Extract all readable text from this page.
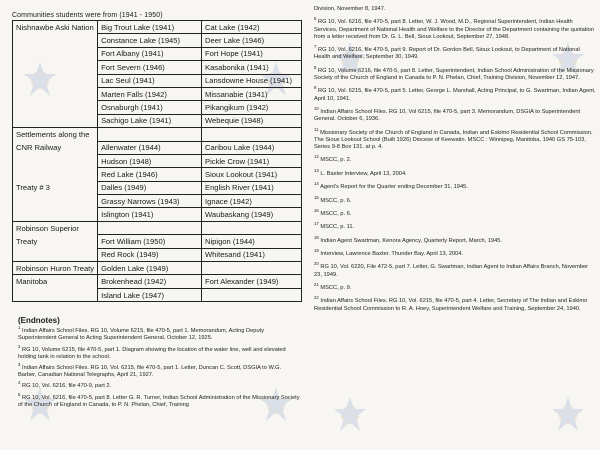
Communities students were from (1941 - 1950)
Nishnawbe Aski Nation	Big Trout Lake (1941)	Cat Lake (1942)
	Constance Lake (1945)	Deer Lake (1946)
	Fort Albany (1941)	Fort Hope (1941)
	Fort Severn (1946)	Kasabonika (1941)
	Lac Seul (1941)	Lansdowne House (1941)
	Marten Falls (1942)	Missanabie (1941)
	Osnaburgh (1941)	Pikangikum (1942)
	Sachigo Lake (1941)	Webequie (1948)
Settlements along the		
CNR Railway	Allenwater (1944)	Caribou Lake (1944)
	Hudson (1948)	Pickle Crow (1941)
	Red Lake (1946)	Sioux Lookout (1941)
Treaty # 3	Dalles (1949)	English River (1941)
	Grassy Narrows (1943)	Ignace (1942)
	Islington (1941)	Waubaskang (1949)
Robinson Superior		
Treaty	Fort William (1950)	Nipigon (1944)
	Red Rock (1949)	Whitesand (1941)
Robinson Huron Treaty	Golden Lake (1949)	
Manitoba	Brokenhead (1942)	Fort Alexander (1949)
	Island Lake (1947)	
(Endnotes)
$^1$ Indian Affairs School Files. RG 10, Volume 6215, file 470-5, part 1. Memorandum, Acting Deputy Superintendent General to Acting Superintendent General, October 12, 1925.
$^2$ RG 10, Volume 6215, file 470-5, part 1. Diagram showing the location of the water line, well and elevated holding tank in relation to the school.
$^3$ Indian Affairs School Files. RG 10, Vol. 6215, file 470-5, part 1. Letter, Duncan C. Scott, DSGIA to W.G. Barber, Canadian National Telegraphs, April 21, 1927.
$^4$ RG 10, Vol. 6216, file 470-9, part 2.
$^5$ RG 10, Vol. 6216, file 470-5, part 8. Letter G. R. Turner, Indian School Administration of the Missionary Society of the Church of England in Canada, to P. N. Phelan, Chief, Training
Division, November 8, 1947.
$^6$ RG 10, Vol. 6216, file 470-5, part 8. Letter, W. J. Wood, M.D., Regional Superintendent, Indian Health Services, Department of National Health and Welfare to the Director of the Department containing the quotation from a letter received from Dr. G. L. Bell, Sioux Lookout, September 27, 1948.
$^7$ RG 10, Vol. 6216, file 470-5, part 9. Report of Dr. Gordon Bell, Sioux Lookout, to Department of National Health and Welfare, September 30, 1949.
$^8$ RG 10, Volume 6216, file 470-5, part 8. Letter, Superintendent, Indian School Administration of the Missionary Society of the Church of England in Canada to P. N. Phelan, Chief, Training Division, November 12, 1947.
$^9$ RG 10, Vol. 6215, file 470-5, part 5. Letter, George L. Marshall, Acting Principal, to G. Swartman, Indian Agent, April 10, 1941.
$^{10}$ Indian Affairs School Files. RG 10, Vol 6215, file 470-5, part 3. Memorandum, DSGIA to Superintendent General. October 6, 1936.
$^{11}$ Missionary Society of the Church of England in Canada, Indian and Eskimo Residential School Commission. The Sioux Lookout School (Built 1926) Diocese of Keewatin. MSCC : Winnipeg, Manitoba, 1940 GS 75-103, Series 9-8 Box 131. at p. 4.
$^{12}$ MSCC, p. 2.
$^{13}$ L. Baxter Interview, April 13, 2004.
$^{14}$ Agent's Report for the Quarter ending December 31, 1945.
$^{15}$ MSCC, p. 6.
$^{16}$ MSCC, p. 6.
$^{17}$ MSCC, p. 11.
$^{18}$ Indian Agent Swartman, Kenora Agency, Quarterly Report, March, 1945.
$^{19}$ Interview, Lawrence Baxter. Thunder Bay. April 13, 2004.
$^{20}$ RG 10, Vol. 6220, File 472-5, part 7. Letter, G. Swartman, Indian Agent to Indian Affairs Branch, November 23, 1949.
$^{21}$ MSCC, p. 9.
$^{22}$ Indian Affairs School Files. RG 10, Vol. 6215, file 470-5, part 4. Letter, Secretary of The Indian and Eskimo Residential School Commission to R. A. Hoey, Superintendent Welfare and Training, September 24, 1940.
